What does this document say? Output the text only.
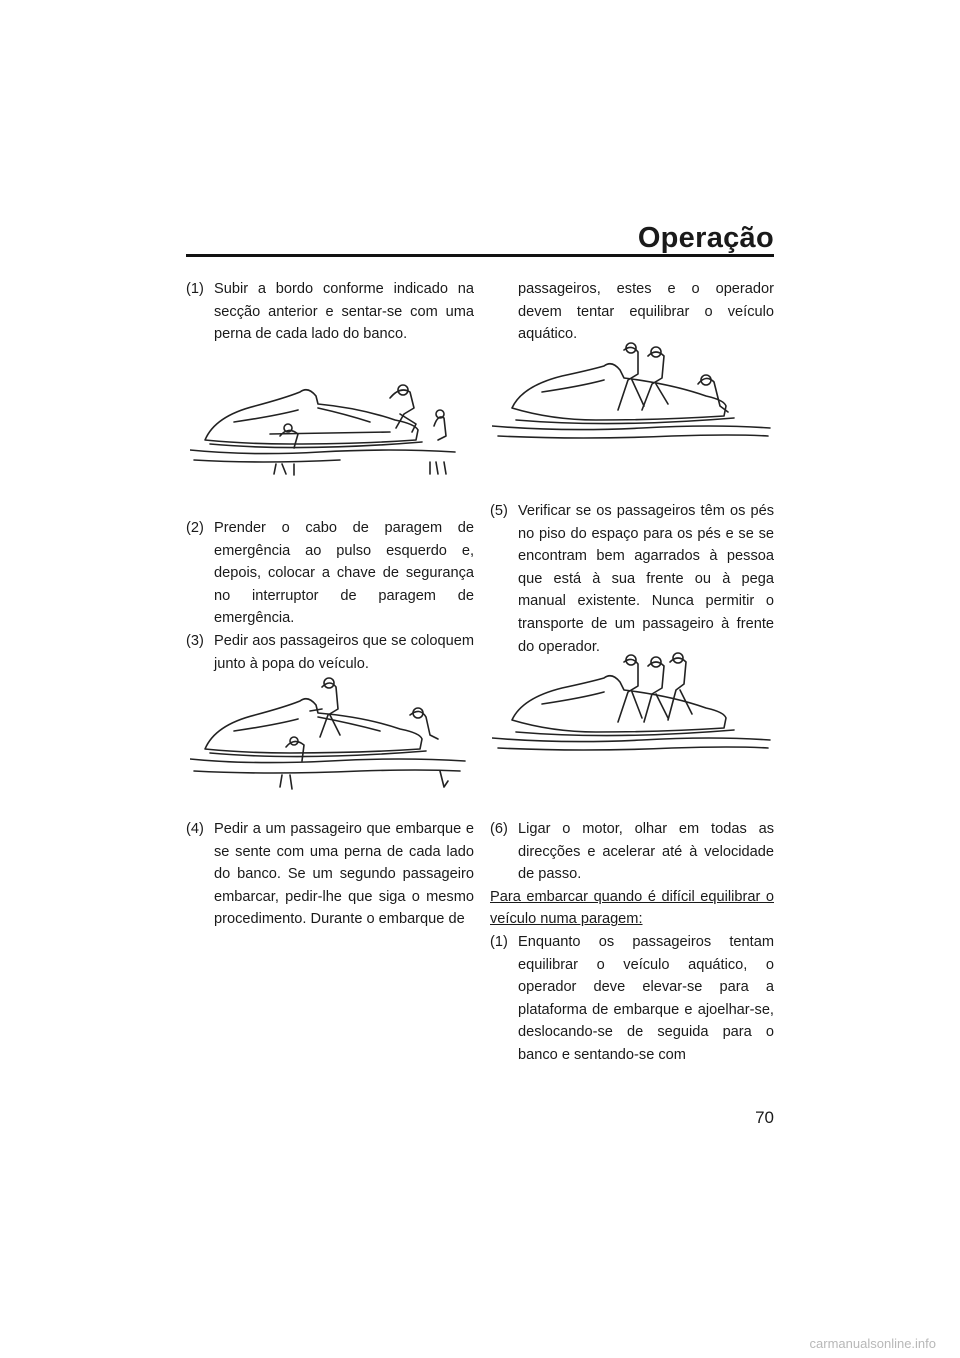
Operação
(1) Subir a bordo conforme indicado na secção anterior e sentar-se com uma perna de cada lado do banco.
(2) Prender o cabo de paragem de emergência ao pulso esquerdo e, depois, colocar a chave de segurança no interruptor de paragem de emergência.
(3) Pedir aos passageiros que se coloquem junto à popa do veículo.
(4) Pedir a um passageiro que embarque e se sente com uma perna de cada lado do banco. Se um segundo passageiro embarcar, pedir-lhe que siga o mesmo procedimento. Durante o embarque de
passageiros, estes e o operador devem tentar equilibrar o veículo aquático.
(5) Verificar se os passageiros têm os pés no piso do espaço para os pés e se se encontram bem agarrados à pessoa que está à sua frente ou à pega manual existente. Nunca permitir o transporte de um passageiro à frente do operador.
(6) Ligar o motor, olhar em todas as direcções e acelerar até à velocidade de passo.
Para embarcar quando é difícil equilibrar o veículo numa paragem:
(1) Enquanto os passageiros tentam equilibrar o veículo aquático, o operador deve elevar-se para a plataforma de embarque e ajoelhar-se, deslocando-se de seguida para o banco e sentando-se com
70
carmanualsonline.info
